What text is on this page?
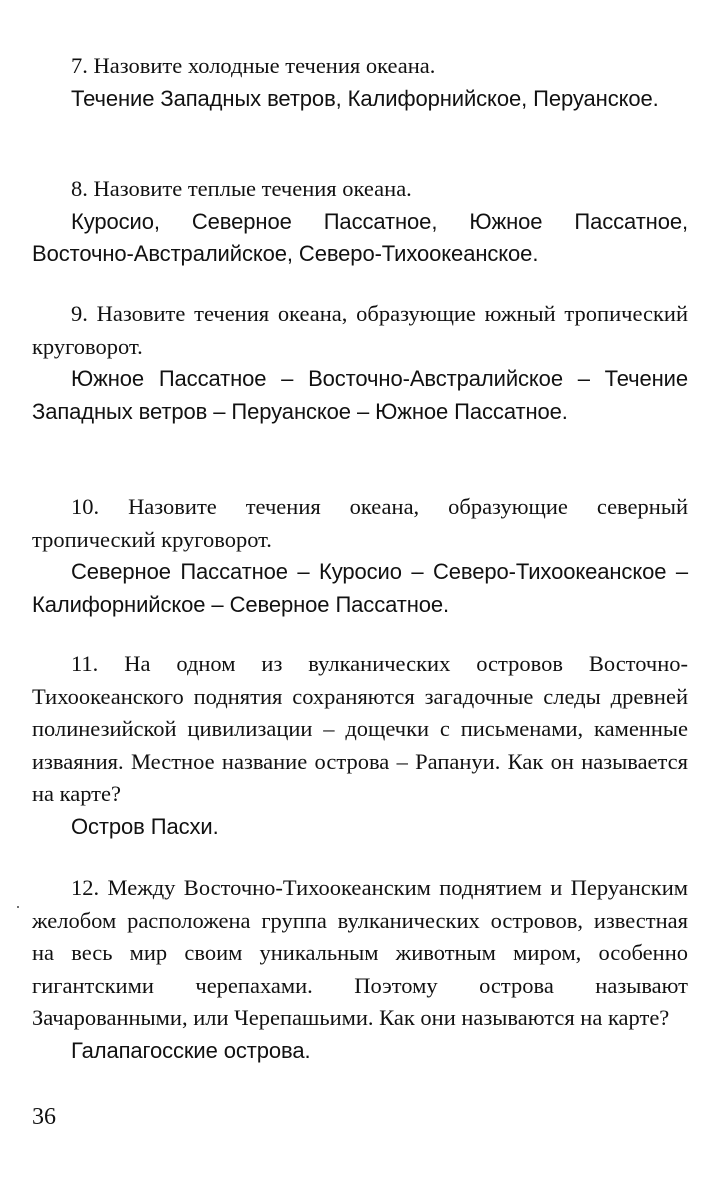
7. Назовите холодные течения океана.

Течение Западных ветров, Калифорнийское, Перуанское.

8. Назовите теплые течения океана.

Куросио, Северное Пассатное, Южное Пассатное, Восточно-Австралийское, Северо-Тихоокеанское.

9. Назовите течения океана, образующие южный тропический круговорот.

Южное Пассатное – Восточно-Австралийское – Течение Западных ветров – Перуанское – Южное Пассатное.

10. Назовите течения океана, образующие северный тропический круговорот.

Северное Пассатное – Куросио – Северо-Тихоокеанское – Калифорнийское – Северное Пассатное.

11. На одном из вулканических островов Восточно-Тихоокеанского поднятия сохраняются загадочные следы древней полинезийской цивилизации – дощечки с письменами, каменные изваяния. Местное название острова – Рапануи. Как он называется на карте?

Остров Пасхи.

12. Между Восточно-Тихоокеанским поднятием и Перуанским желобом расположена группа вулканических островов, известная на весь мир своим уникальным животным миром, особенно гигантскими черепахами. Поэтому острова называют Зачарованными, или Черепашьими. Как они называются на карте?

Галапагосские острова.

36
